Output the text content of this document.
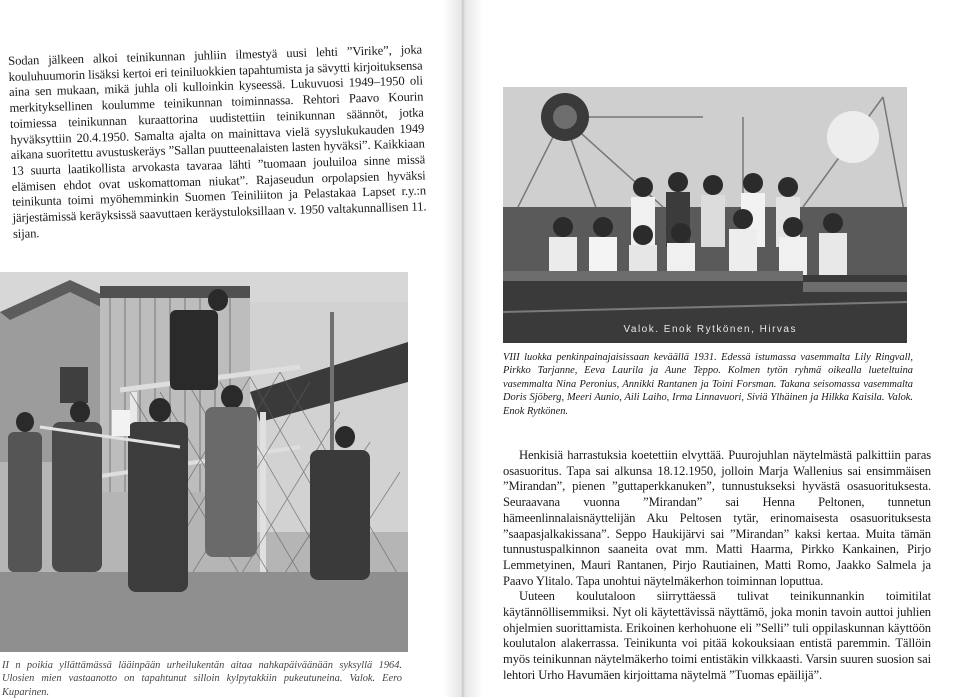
Sodan jälkeen alkoi teinikunnan juhliin ilmestyä uusi lehti ”Virike”, joka kouluhuumorin lisäksi kertoi eri teiniluokkien tapahtumista ja sävytti kirjoituksensa aina sen mukaan, mikä juhla oli kulloinkin kyseessä. Lukuvuosi 1949–1950 oli merkityksellinen koulumme teinikunnan toiminnassa. Rehtori Paavo Kourin toimiessa teinikunnan kuraattorina uudistettiin teinikunnan säännöt, jotka hyväksyttiin 20.4.1950. Samalta ajalta on mainittava vielä syyslukukauden 1949 aikana suoritettu avustuskeräys ”Sallan puutteenalaisten lasten hyväksi”. Kaikkiaan 13 suurta laatikollista arvokasta tavaraa lähti ”tuomaan jouluiloa sinne missä elämisen ehdot ovat uskomattoman niukat”. Rajaseudun orpolapsien hyväksi teinikunta toimi myöhemminkin Suomen Teiniliiton ja Pelastakaa Lapset r.y.:n järjestämissä keräyksissä saavuttaen keräystuloksillaan v. 1950 valtakunnallisen 11. sijan.

II n poikia yllättämässä lääinpään urheilukentän aitaa nahkapäiväänään syksyllä 1964. Ulosien mien vastaanotto on tapahtunut silloin kylpytakkiin pukeutuneina. Valok. Eero Kuparinen.
Valok. Enok Rytkönen, Hirvas
VIII luokka penkinpainajaisissaan keväällä 1931. Edessä istumassa vasemmalta Lily Ringvall, Pirkko Tarjanne, Eeva Laurila ja Aune Teppo. Kolmen tytön ryhmä oikealla lueteltuina vasemmalta Nina Peronius, Annikki Rantanen ja Toini Forsman. Takana seisomassa vasemmalta Doris Sjöberg, Meeri Aunio, Aili Laiho, Irma Linnavuori, Siviä Ylhäinen ja Hilkka Kaisila. Valok. Enok Rytkönen.

Henkisiä harrastuksia koetettiin elvyttää. Puurojuhlan näytelmästä palkittiin paras osasuoritus. Tapa sai alkunsa 18.12.1950, jolloin Marja Wallenius sai ensimmäisen ”Mirandan”, pienen ”guttaperkkanuken”, tunnustukseksi hyvästä osasuorituksesta. Seuraavana vuonna ”Mirandan” sai Henna Peltonen, tunnetun hämeenlinnalaisnäyttelijän Aku Peltosen tytär, erinomaisesta osasuorituksesta ”saapasjalkakissana”. Seppo Haukijärvi sai ”Mirandan” kaksi kertaa. Muita tämän tunnustuspalkinnon saaneita ovat mm. Matti Haarma, Pirkko Kankainen, Pirjo Lemmetyinen, Mauri Rantanen, Pirjo Rautiainen, Matti Romo, Jaakko Salmela ja Paavo Ylitalo. Tapa unohtui näytelmäkerhon toiminnan loputtua.

Uuteen koulutaloon siirryttäessä tulivat teinikunnankin toimitilat käytännöllisemmiksi. Nyt oli käytettävissä näyttämö, joka monin tavoin auttoi juhlien ohjelmien suorittamista. Erikoinen kerhohuone eli ”Selli” tuli oppilaskunnan käyttöön koulutalon alakerrassa. Teinikunta voi pitää kokouksiaan entistä paremmin. Tällöin myös teinikunnan näytelmäkerho toimi entistäkin vilkkaasti. Varsin suuren suosion sai lehtori Urho Havumäen kirjoittama näytelmä ”Tuomas epäilijä”.
